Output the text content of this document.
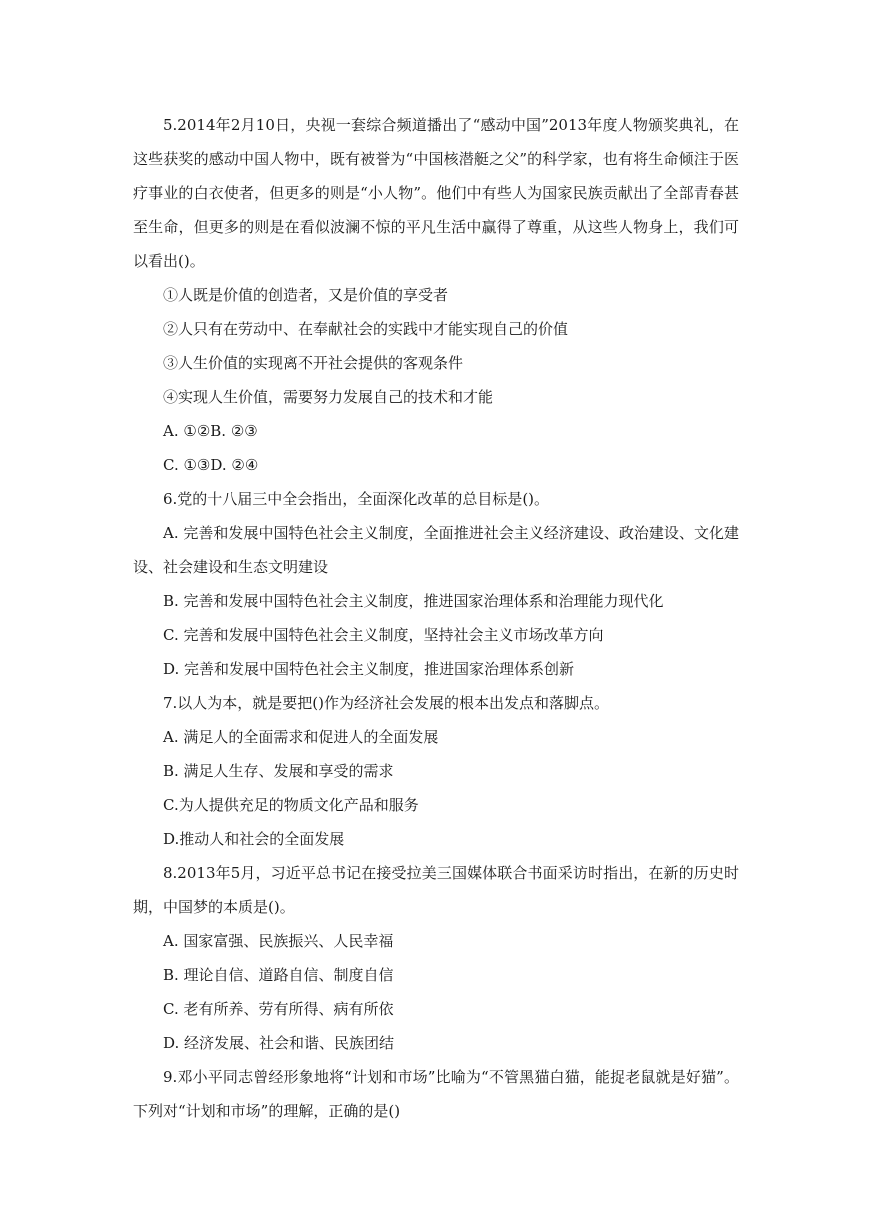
5.2014年2月10日，央视一套综合频道播出了“感动中国”2013年度人物颁奖典礼，在这些获奖的感动中国人物中，既有被誉为“中国核潜艇之父”的科学家，也有将生命倾注于医疗事业的白衣使者，但更多的则是“小人物”。他们中有些人为国家民族贡献出了全部青春甚至生命，但更多的则是在看似波澜不惊的平凡生活中赢得了尊重，从这些人物身上，我们可以看出()。

①人既是价值的创造者，又是价值的享受者

②人只有在劳动中、在奉献社会的实践中才能实现自己的价值

③人生价值的实现离不开社会提供的客观条件

④实现人生价值，需要努力发展自己的技术和才能

A. ①②B. ②③

C. ①③D. ②④

6.党的十八届三中全会指出，全面深化改革的总目标是()。

A. 完善和发展中国特色社会主义制度，全面推进社会主义经济建设、政治建设、文化建设、社会建设和生态文明建设

B. 完善和发展中国特色社会主义制度，推进国家治理体系和治理能力现代化

C. 完善和发展中国特色社会主义制度，坚持社会主义市场改革方向

D. 完善和发展中国特色社会主义制度，推进国家治理体系创新

7.以人为本，就是要把()作为经济社会发展的根本出发点和落脚点。

A. 满足人的全面需求和促进人的全面发展

B. 满足人生存、发展和享受的需求

C.为人提供充足的物质文化产品和服务

D.推动人和社会的全面发展

8.2013年5月，习近平总书记在接受拉美三国媒体联合书面采访时指出，在新的历史时期，中国梦的本质是()。

A. 国家富强、民族振兴、人民幸福

B. 理论自信、道路自信、制度自信

C. 老有所养、劳有所得、病有所依

D. 经济发展、社会和谐、民族团结

9.邓小平同志曾经形象地将“计划和市场”比喻为“不管黑猫白猫，能捉老鼠就是好猫”。下列对“计划和市场”的理解，正确的是()
